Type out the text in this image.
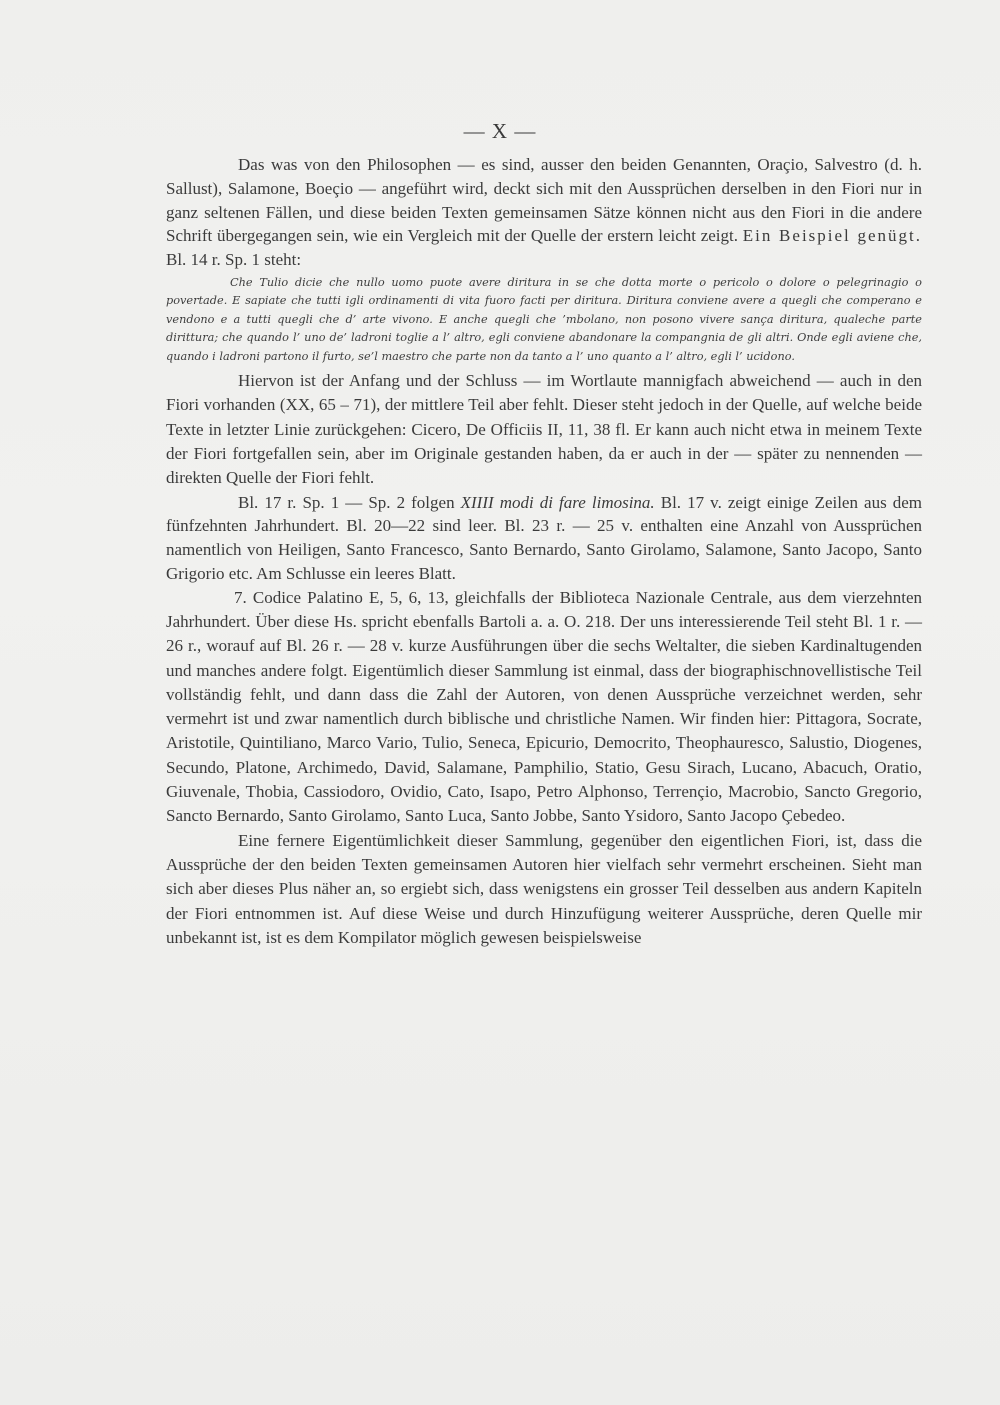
— X —

Das was von den Philosophen — es sind, ausser den beiden Genannten, Oraçio, Salvestro (d. h. Sallust), Salamone, Boeçio — angeführt wird, deckt sich mit den Aussprüchen derselben in den Fiori nur in ganz seltenen Fällen, und diese beiden Texten gemeinsamen Sätze können nicht aus den Fiori in die andere Schrift übergegangen sein, wie ein Vergleich mit der Quelle der erstern leicht zeigt. Ein Beispiel genügt. Bl. 14 r. Sp. 1 steht:

Che Tulio dicie che nullo uomo puote avere diritura in se che dotta morte o pericolo o dolore o pelegrinagio o povertade. E sapiate che tutti igli ordinamenti di vita fuoro facti per diritura. Diritura conviene avere a quegli che comperano e vendono e a tutti quegli che d’ arte vivono. E anche quegli che ’mbolano, non posono vivere sança diritura, qualeche parte dirittura; che quando l’ uno de’ ladroni toglie a l’ altro, egli conviene abandonare la compangnia de gli altri. Onde egli aviene che, quando i ladroni partono il furto, se’l maestro che parte non da tanto a l’ uno quanto a l’ altro, egli l’ ucidono.

Hiervon ist der Anfang und der Schluss — im Wortlaute mannigfach abweichend — auch in den Fiori vorhanden (XX, 65 – 71), der mittlere Teil aber fehlt. Dieser steht jedoch in der Quelle, auf welche beide Texte in letzter Linie zurückgehen: Cicero, De Officiis II, 11, 38 fl. Er kann auch nicht etwa in meinem Texte der Fiori fortgefallen sein, aber im Originale gestanden haben, da er auch in der — später zu nennenden — direkten Quelle der Fiori fehlt.

Bl. 17 r. Sp. 1 — Sp. 2 folgen XIIII modi di fare limosina. Bl. 17 v. zeigt einige Zeilen aus dem fünfzehnten Jahrhundert. Bl. 20—22 sind leer. Bl. 23 r. — 25 v. enthalten eine Anzahl von Aussprüchen namentlich von Heiligen, Santo Francesco, Santo Bernardo, Santo Girolamo, Salamone, Santo Jacopo, Santo Grigorio etc. Am Schlusse ein leeres Blatt.

7. Codice Palatino E, 5, 6, 13, gleichfalls der Biblioteca Nazionale Centrale, aus dem vierzehnten Jahrhundert. Über diese Hs. spricht ebenfalls Bartoli a. a. O. 218. Der uns interessierende Teil steht Bl. 1 r. — 26 r., worauf auf Bl. 26 r. — 28 v. kurze Ausführungen über die sechs Weltalter, die sieben Kardinaltugenden und manches andere folgt. Eigentümlich dieser Sammlung ist einmal, dass der biographischnovellistische Teil vollständig fehlt, und dann dass die Zahl der Autoren, von denen Aussprüche verzeichnet werden, sehr vermehrt ist und zwar namentlich durch biblische und christliche Namen. Wir finden hier: Pittagora, Socrate, Aristotile, Quintiliano, Marco Vario, Tulio, Seneca, Epicurio, Democrito, Theophauresco, Salustio, Diogenes, Secundo, Platone, Archimedo, David, Salamane, Pamphilio, Statio, Gesu Sirach, Lucano, Abacuch, Oratio, Giuvenale, Thobia, Cassiodoro, Ovidio, Cato, Isapo, Petro Alphonso, Terrençio, Macrobio, Sancto Gregorio, Sancto Bernardo, Santo Girolamo, Santo Luca, Santo Jobbe, Santo Ysidoro, Santo Jacopo Çebedeo.

Eine fernere Eigentümlichkeit dieser Sammlung, gegenüber den eigentlichen Fiori, ist, dass die Aussprüche der den beiden Texten gemeinsamen Autoren hier vielfach sehr vermehrt erscheinen. Sieht man sich aber dieses Plus näher an, so ergiebt sich, dass wenigstens ein grosser Teil desselben aus andern Kapiteln der Fiori entnommen ist. Auf diese Weise und durch Hinzufügung weiterer Aussprüche, deren Quelle mir unbekannt ist, ist es dem Kompilator möglich gewesen beispielsweise
